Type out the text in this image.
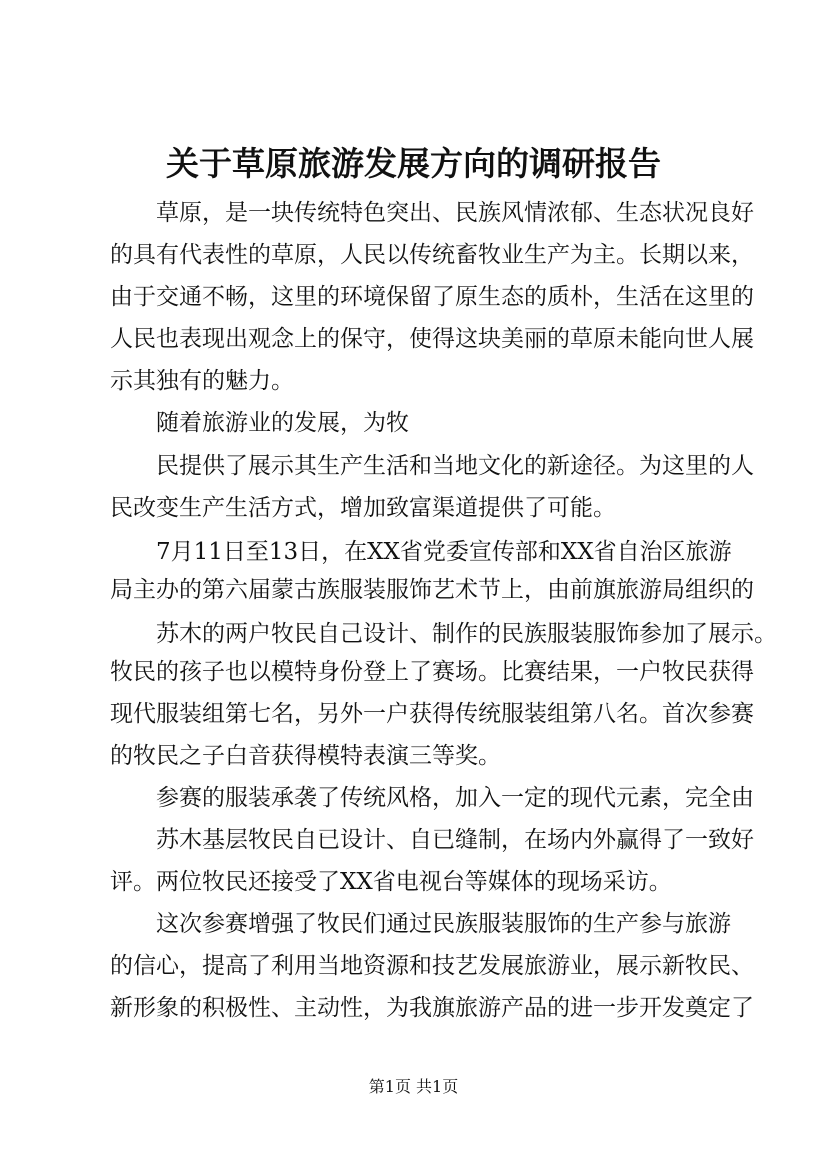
关于草原旅游发展方向的调研报告

草原，是一块传统特色突出、民族风情浓郁、生态状况良好

的具有代表性的草原，人民以传统畜牧业生产为主。长期以来，

由于交通不畅，这里的环境保留了原生态的质朴，生活在这里的

人民也表现出观念上的保守，使得这块美丽的草原未能向世人展

示其独有的魅力。

随着旅游业的发展，为牧

民提供了展示其生产生活和当地文化的新途径。为这里的人

民改变生产生活方式，增加致富渠道提供了可能。

7月11日至13日，在XX省党委宣传部和XX省自治区旅游

局主办的第六届蒙古族服装服饰艺术节上，由前旗旅游局组织的

苏木的两户牧民自己设计、制作的民族服装服饰参加了展示。

牧民的孩子也以模特身份登上了赛场。比赛结果，一户牧民获得

现代服装组第七名，另外一户获得传统服装组第八名。首次参赛

的牧民之子白音获得模特表演三等奖。

参赛的服装承袭了传统风格，加入一定的现代元素，完全由

苏木基层牧民自已设计、自已缝制，在场内外赢得了一致好

评。两位牧民还接受了XX省电视台等媒体的现场采访。

这次参赛增强了牧民们通过民族服装服饰的生产参与旅游

的信心，提高了利用当地资源和技艺发展旅游业，展示新牧民、

新形象的积极性、主动性，为我旗旅游产品的进一步开发奠定了

第1页 共1页
